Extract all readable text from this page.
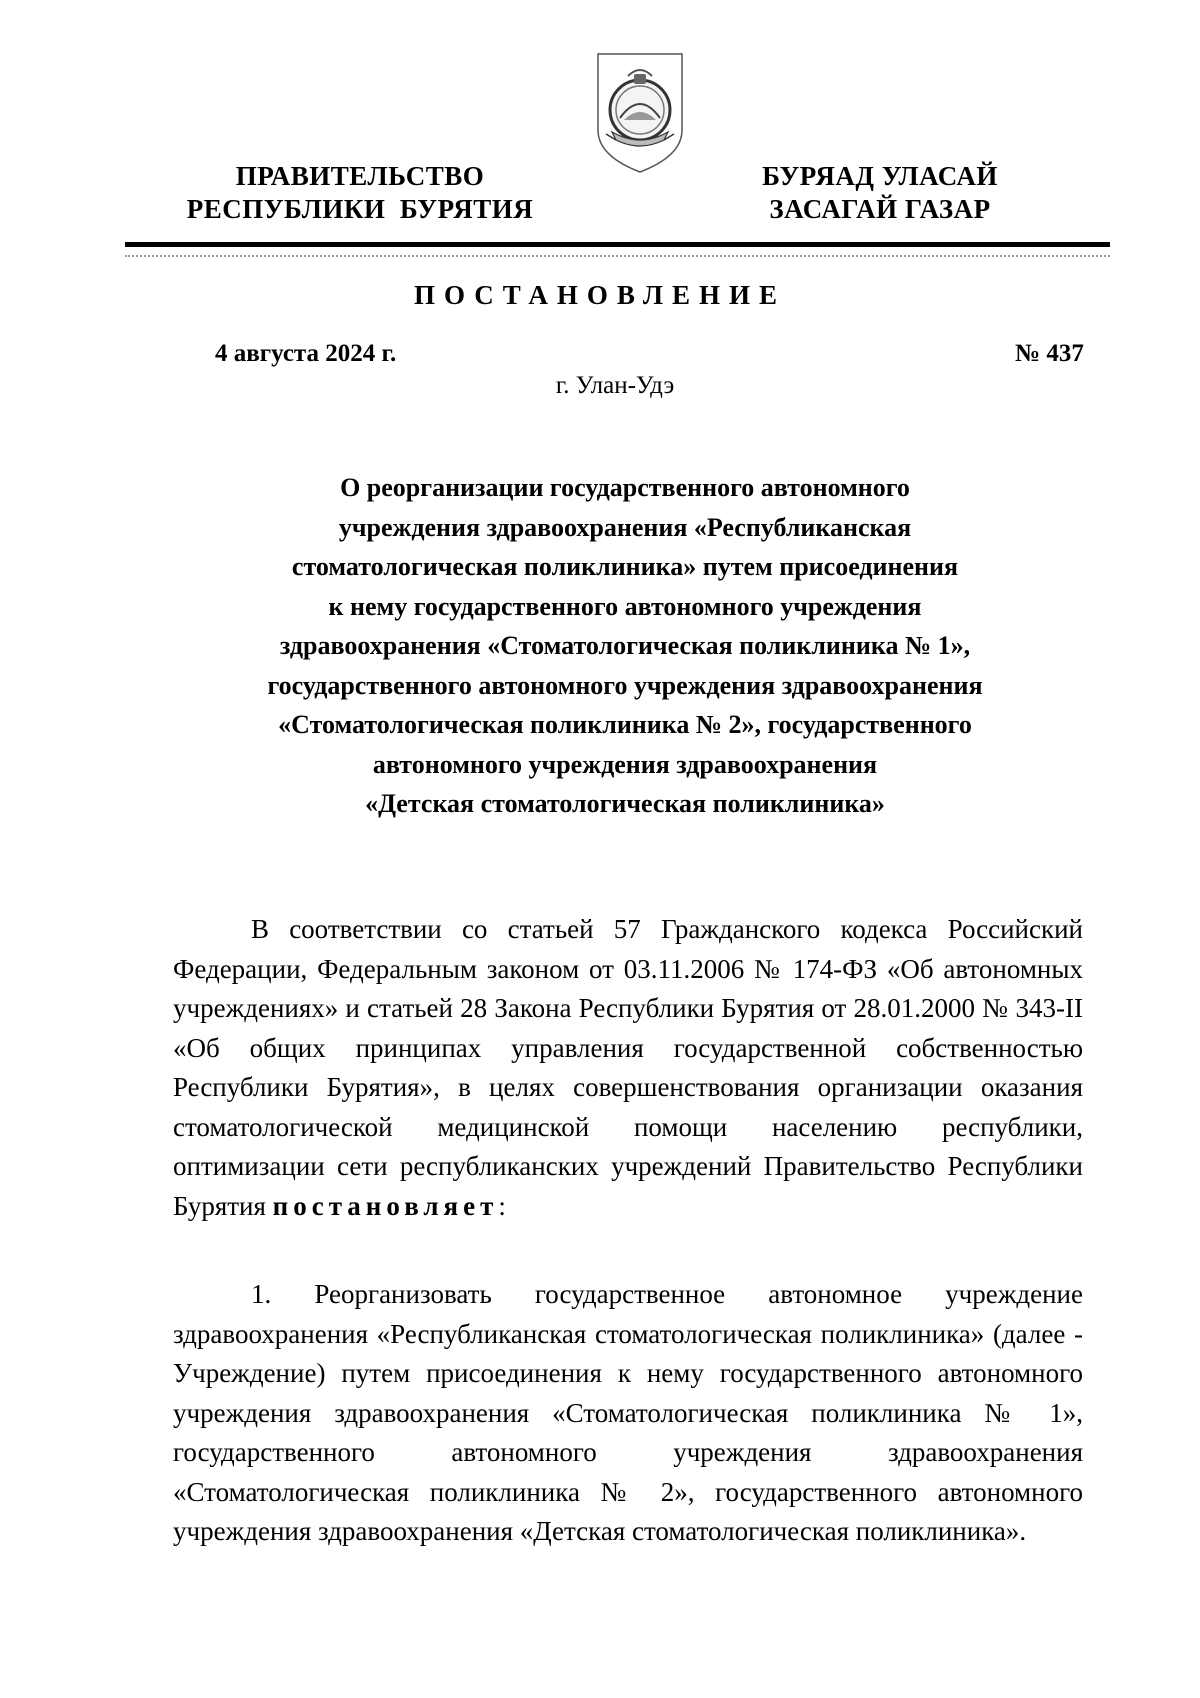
ПРАВИТЕЛЬСТВО
РЕСПУБЛИКИ  БУРЯТИЯ
БУРЯАД УЛАСАЙ
ЗАСАГАЙ ГАЗАР
ПОСТАНОВЛЕНИЕ
4 августа 2024 г.	№ 437
г. Улан-Удэ
О реорганизации государственного автономного
учреждения здравоохранения «Республиканская
стоматологическая поликлиника» путем присоединения
к нему государственного автономного учреждения
здравоохранения «Стоматологическая поликлиника № 1»,
государственного автономного учреждения здравоохранения
«Стоматологическая поликлиника № 2», государственного
автономного учреждения здравоохранения
«Детская стоматологическая поликлиника»
В соответствии со статьей 57 Гражданского кодекса Российский Федерации, Федеральным законом от 03.11.2006 № 174-ФЗ «Об автономных учреждениях» и статьей 28 Закона Республики Бурятия от 28.01.2000 № 343-II «Об общих принципах управления государственной собственностью Республики Бурятия», в целях совершенствования организации оказания стоматологической медицинской помощи населению республики, оптимизации сети республиканских учреждений Правительство Республики Бурятия постановляет:
1. Реорганизовать государственное автономное учреждение здравоохранения «Республиканская стоматологическая поликлиника» (далее - Учреждение) путем присоединения к нему государственного автономного учреждения здравоохранения «Стоматологическая поликлиника № 1», государственного автономного учреждения здравоохранения «Стоматологическая поликлиника № 2», государственного автономного учреждения здравоохранения «Детская стоматологическая поликлиника».
